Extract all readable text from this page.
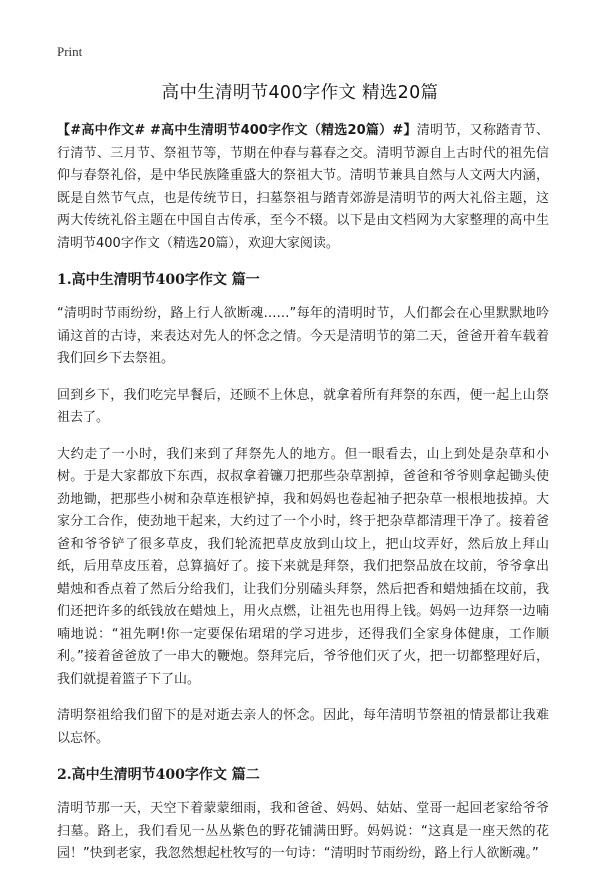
Print
高中生清明节400字作文 精选20篇

【#高中作文# #高中生清明节400字作文（精选20篇）#】清明节，又称踏青节、行清节、三月节、祭祖节等，节期在仲春与暮春之交。清明节源自上古时代的祖先信仰与春祭礼俗，是中华民族隆重盛大的祭祖大节。清明节兼具自然与人文两大内涵，既是自然节气点，也是传统节日，扫墓祭祖与踏青郊游是清明节的两大礼俗主题，这两大传统礼俗主题在中国自古传承，至今不辍。以下是由文档网为大家整理的高中生清明节400字作文（精选20篇），欢迎大家阅读。

1.高中生清明节400字作文 篇一

“清明时节雨纷纷，路上行人欲断魂……”每年的清明时节，人们都会在心里默默地吟诵这首的古诗，来表达对先人的怀念之情。今天是清明节的第二天，爸爸开着车载着我们回乡下去祭祖。

回到乡下，我们吃完早餐后，还顾不上休息，就拿着所有拜祭的东西，便一起上山祭祖去了。

大约走了一小时，我们来到了拜祭先人的地方。但一眼看去，山上到处是杂草和小树。于是大家都放下东西，叔叔拿着镰刀把那些杂草割掉，爸爸和爷爷则拿起锄头使劲地锄，把那些小树和杂草连根铲掉，我和妈妈也卷起袖子把杂草一根根地拔掉。大家分工合作，使劲地干起来，大约过了一个小时，终于把杂草都清理干净了。接着爸爸和爷爷铲了很多草皮，我们轮流把草皮放到山坟上，把山坟弄好，然后放上拜山纸，后用草皮压着，总算搞好了。接下来就是拜祭，我们把祭品放在坟前，爷爷拿出蜡烛和香点着了然后分给我们，让我们分别磕头拜祭，然后把香和蜡烛插在坟前，我们还把许多的纸钱放在蜡烛上，用火点燃，让祖先也用得上钱。妈妈一边拜祭一边喃喃地说：“祖先啊!你一定要保佑珺珺的学习进步，还得我们全家身体健康，工作顺利。”接着爸爸放了一串大的鞭炮。祭拜完后，爷爷他们灭了火，把一切都整理好后，我们就提着篮子下了山。

清明祭祖给我们留下的是对逝去亲人的怀念。因此，每年清明节祭祖的情景都让我难以忘怀。

2.高中生清明节400字作文 篇二

清明节那一天，天空下着蒙蒙细雨，我和爸爸、妈妈、姑姑、堂哥一起回老家给爷爷扫墓。路上，我们看见一丛丛紫色的野花铺满田野。妈妈说：“这真是一座天然的花园！”快到老家，我忽然想起杜牧写的一句诗：“清明时节雨纷纷，路上行人欲断魂。”
